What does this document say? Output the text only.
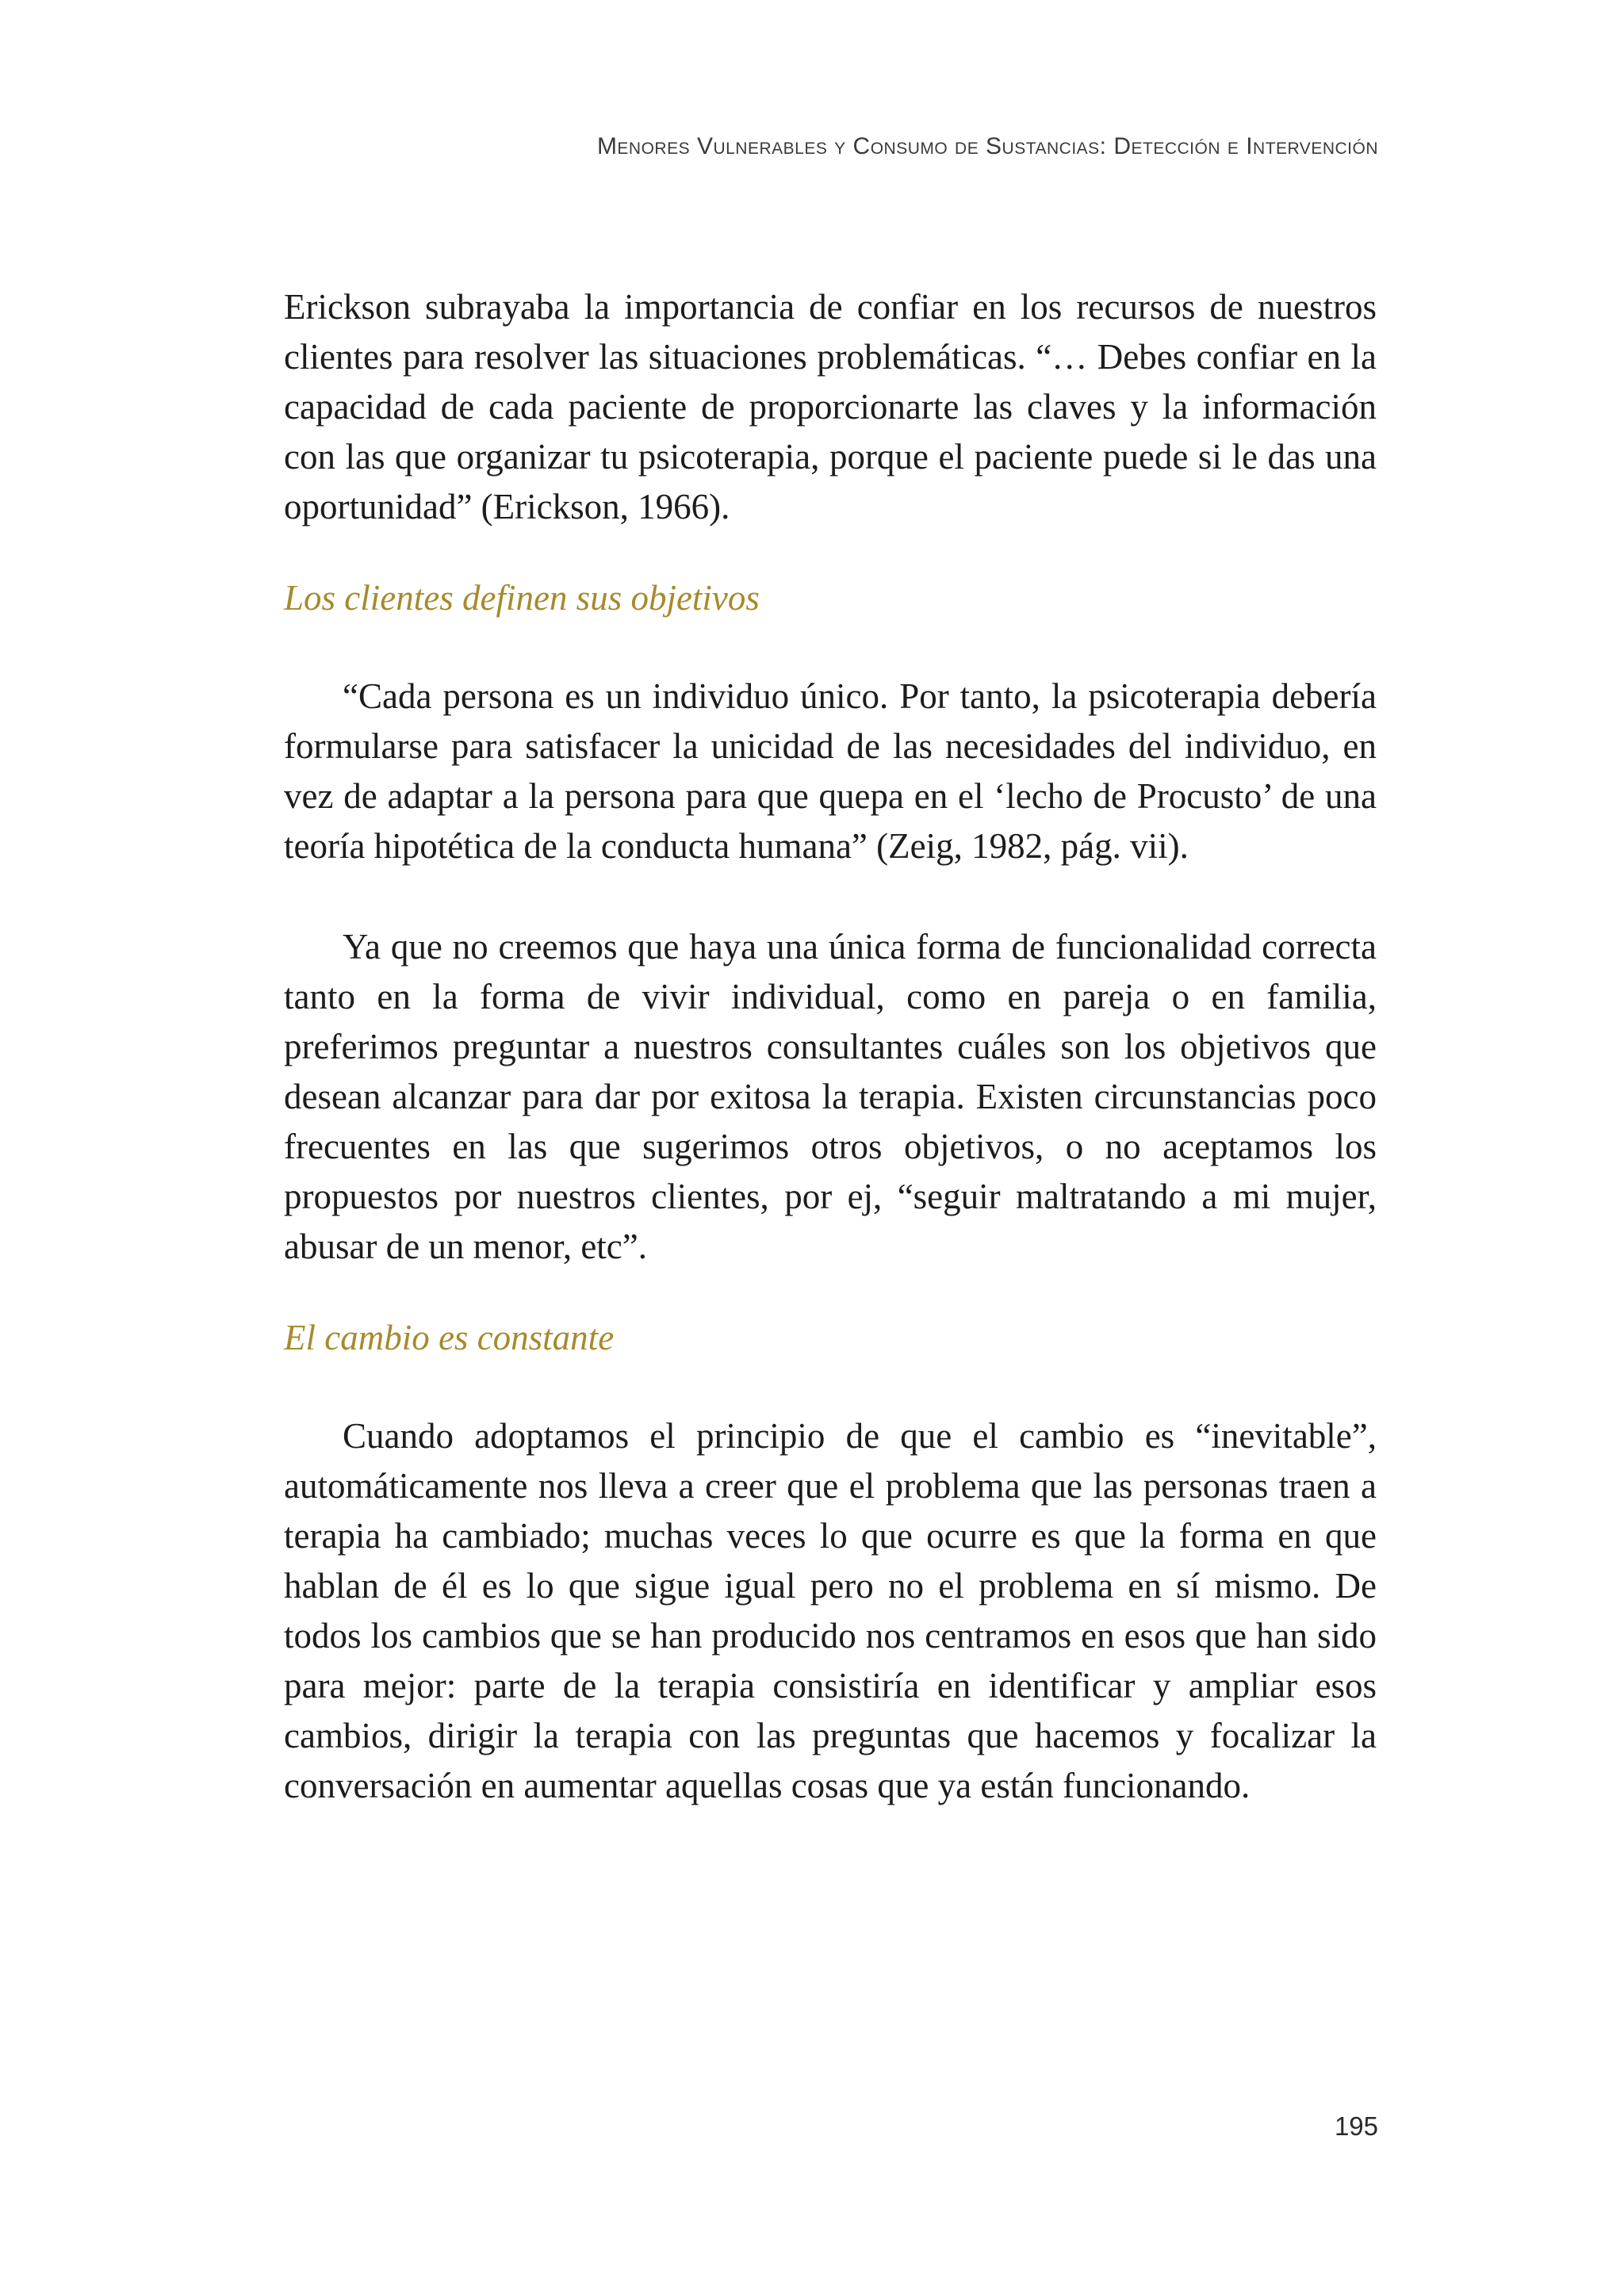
Menores Vulnerables y Consumo de Sustancias: Detección e Intervención

Erickson subrayaba la importancia de confiar en los recursos de nuestros clientes para resolver las situaciones problemáticas. “… Debes confiar en la capacidad de cada paciente de proporcionarte las claves y la información con las que organizar tu psicoterapia, porque el paciente puede si le das una oportunidad” (Erickson, 1966).

Los clientes definen sus objetivos

“Cada persona es un individuo único. Por tanto, la psicoterapia debería formularse para satisfacer la unicidad de las necesidades del individuo, en vez de adaptar a la persona para que quepa en el ‘lecho de Procusto’ de una teoría hipotética de la conducta humana” (Zeig, 1982, pág. vii).

Ya que no creemos que haya una única forma de funcionalidad correcta tanto en la forma de vivir individual, como en pareja o en familia, preferimos preguntar a nuestros consultantes cuáles son los objetivos que desean alcanzar para dar por exitosa la terapia. Existen circunstancias poco frecuentes en las que sugerimos otros objetivos, o no aceptamos los propuestos por nuestros clientes, por ej, “seguir maltratando a mi mujer, abusar de un menor, etc”.

El cambio es constante

Cuando adoptamos el principio de que el cambio es “inevitable”, automáticamente nos lleva a creer que el problema que las personas traen a terapia ha cambiado; muchas veces lo que ocurre es que la forma en que hablan de él es lo que sigue igual pero no el problema en sí mismo. De todos los cambios que se han producido nos centramos en esos que han sido para mejor: parte de la terapia consistiría en identificar y ampliar esos cambios, dirigir la terapia con las preguntas que hacemos y focalizar la conversación en aumentar aquellas cosas que ya están funcionando.

195
